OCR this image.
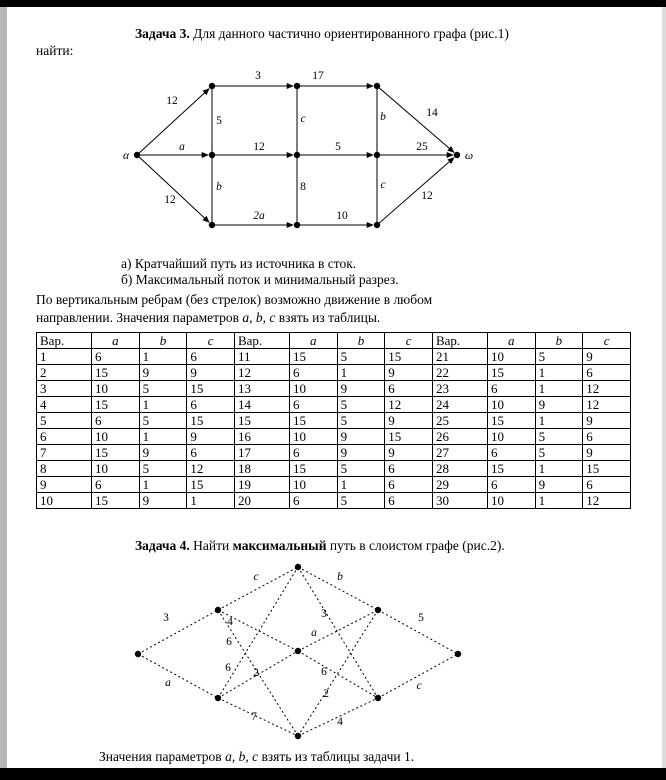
Задача 3. Для данного частично ориентированного графа (рис.1)
найти:

12
a
12
3	17
12	5
2a	10
5	c	b
b	8	c
14
25
12
α	ω

а) Кратчайший путь из источника в сток.

б) Максимальный поток и минимальный разрез.

По вертикальным ребрам (без стрелок) возможно движение в любом
направлении. Значения параметров a, b, c взять из таблицы.

Вар.	a	b	c	Вар.	a	b	c	Вар.	a	b	c
1	6	1	6	11	15	5	15	21	10	5	9
2	15	9	9	12	6	1	9	22	15	1	6
3	10	5	15	13	10	9	6	23	6	1	12
4	15	1	6	14	6	5	12	24	10	9	12
5	6	5	15	15	15	5	9	25	15	1	9
6	10	1	9	16	10	9	15	26	10	5	6
7	15	9	6	17	6	9	9	27	6	5	9
8	10	5	12	18	15	5	6	28	15	1	15
9	6	1	15	19	10	1	6	29	6	9	6
10	15	9	1	20	6	5	6	30	10	1	12

Задача 4. Найти максимальный путь в слоистом графе (рис.2).

3
a
c
4
6
6 2
7
b
3
a
6
2
4
5
c

Значения параметров a, b, c взять из таблицы задачи 1.
